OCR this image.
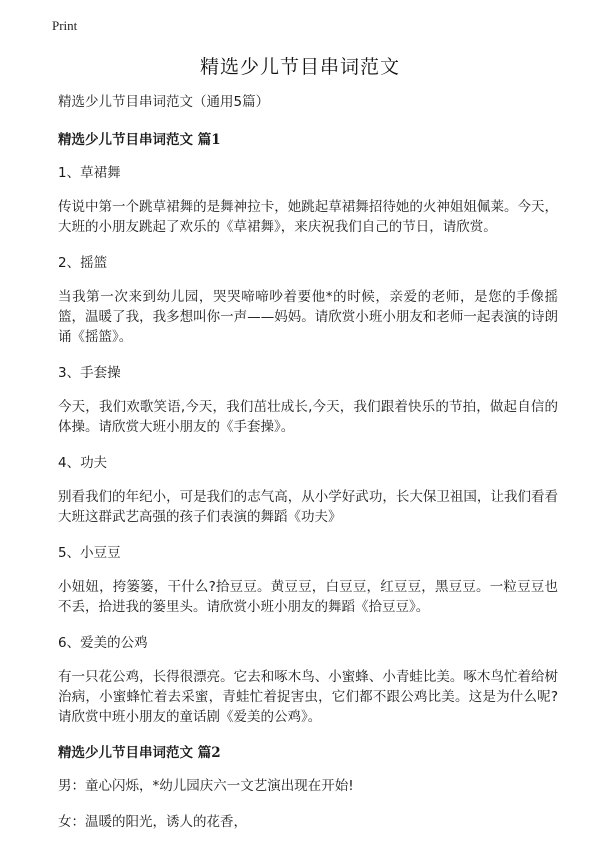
Print
精选少儿节目串词范文

精选少儿节目串词范文（通用5篇）

精选少儿节目串词范文 篇1

1、草裙舞

传说中第一个跳草裙舞的是舞神拉卡，她跳起草裙舞招待她的火神姐姐佩莱。今天，大班的小朋友跳起了欢乐的《草裙舞》，来庆祝我们自己的节日，请欣赏。

2、摇篮

当我第一次来到幼儿园，哭哭啼啼吵着要他*的时候，亲爱的老师，是您的手像摇篮，温暖了我，我多想叫你一声——妈妈。请欣赏小班小朋友和老师一起表演的诗朗诵《摇篮》。

3、手套操

今天，我们欢歌笑语,今天，我们茁壮成长,今天，我们跟着快乐的节拍，做起自信的体操。请欣赏大班小朋友的《手套操》。

4、功夫

别看我们的年纪小，可是我们的志气高，从小学好武功，长大保卫祖国，让我们看看大班这群武艺高强的孩子们表演的舞蹈《功夫》

5、小豆豆

小妞妞，挎篓篓，干什么?拾豆豆。黄豆豆，白豆豆，红豆豆，黑豆豆。一粒豆豆也不丢，拾进我的篓里头。请欣赏小班小朋友的舞蹈《拾豆豆》。

6、爱美的公鸡

有一只花公鸡，长得很漂亮。它去和啄木鸟、小蜜蜂、小青蛙比美。啄木鸟忙着给树治病，小蜜蜂忙着去采蜜，青蛙忙着捉害虫，它们都不跟公鸡比美。这是为什么呢?请欣赏中班小朋友的童话剧《爱美的公鸡》。

精选少儿节目串词范文 篇2

男：童心闪烁，*幼儿园庆六一文艺演出现在开始!

女：温暖的阳光，诱人的花香，
